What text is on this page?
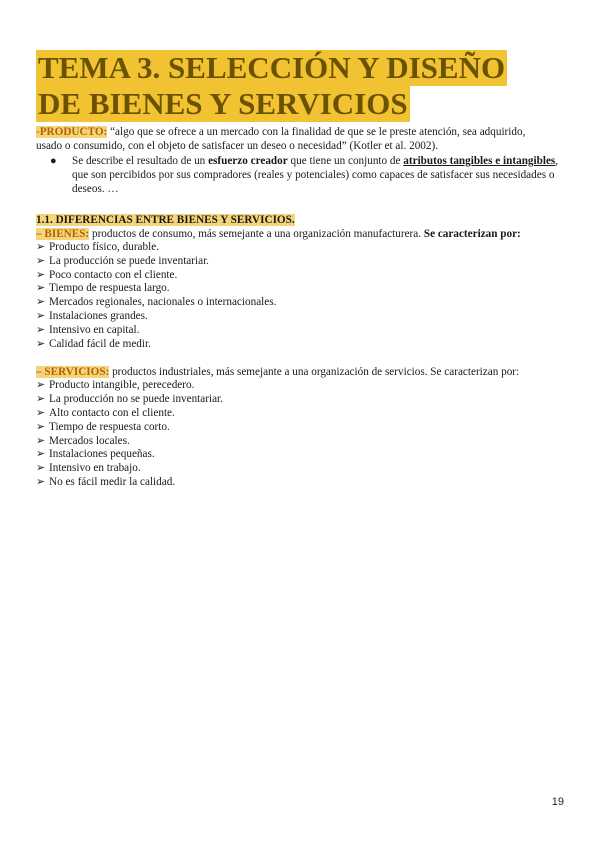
TEMA 3. SELECCIÓN Y DISEÑO
DE BIENES Y SERVICIOS

-PRODUCTO: “algo que se ofrece a un mercado con la finalidad de que se le preste atención, sea adquirido,
usado o consumido, con el objeto de satisfacer un deseo o necesidad” (Kotler et al. 2002).

●	Se describe el resultado de un esfuerzo creador que tiene un conjunto de atributos tangibles e intangibles, que son percibidos por sus compradores (reales y potenciales) como capaces de satisfacer sus necesidades o deseos. …

1.1. DIFERENCIAS ENTRE BIENES Y SERVICIOS.

– BIENES: productos de consumo, más semejante a una organización manufacturera. Se caracterizan por:

➢ Producto físico, durable.
➢ La producción se puede inventariar.
➢ Poco contacto con el cliente.
➢ Tiempo de respuesta largo.
➢ Mercados regionales, nacionales o internacionales.
➢ Instalaciones grandes.
➢ Intensivo en capital.
➢ Calidad fácil de medir.

– SERVICIOS: productos industriales, más semejante a una organización de servicios. Se caracterizan por:

➢ Producto intangible, perecedero.
➢ La producción no se puede inventariar.
➢ Alto contacto con el cliente.
➢ Tiempo de respuesta corto.
➢ Mercados locales.
➢ Instalaciones pequeñas.
➢ Intensivo en trabajo.
➢ No es fácil medir la calidad.
19
